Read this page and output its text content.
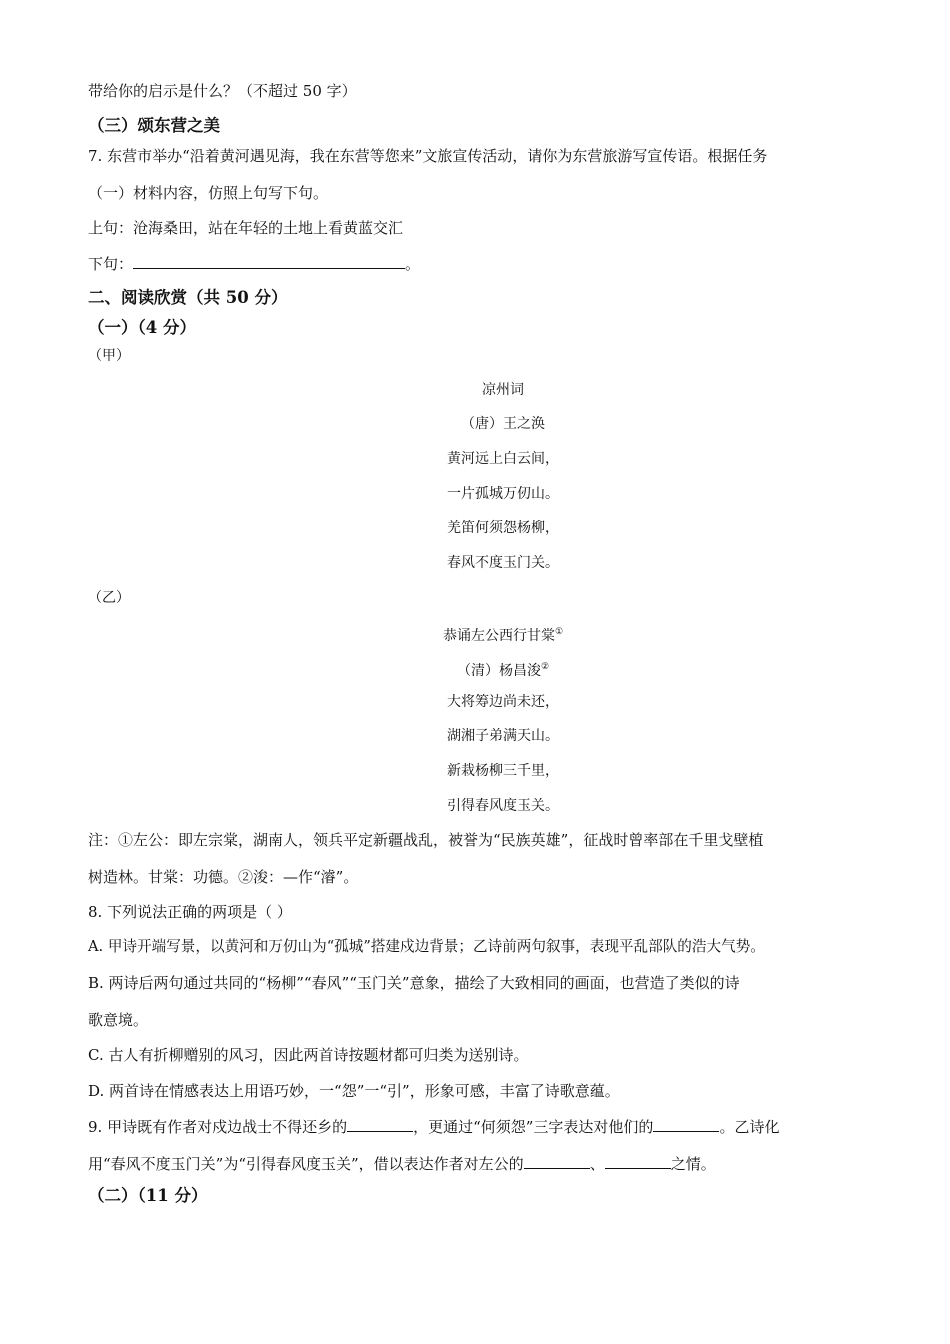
带给你的启示是什么？（不超过 50 字）
（三）颂东营之美
7. 东营市举办“沿着黄河遇见海，我在东营等您来”文旅宣传活动，请你为东营旅游写宣传语。根据任务
（一）材料内容，仿照上句写下句。
上句：沧海桑田，站在年轻的土地上看黄蓝交汇
下句：	。
二、阅读欣赏（共 50 分）
（一）（4 分）
（甲）
凉州词
（唐）王之涣
黄河远上白云间，
一片孤城万仞山。
羌笛何须怨杨柳，
春风不度玉门关。
（乙）
恭诵左公西行甘棠①
（清）杨昌浚②
大将筹边尚未还，
湖湘子弟满天山。
新栽杨柳三千里，
引得春风度玉关。
注：①左公：即左宗棠，湖南人，领兵平定新疆战乱，被誉为“民族英雄”，征战时曾率部在千里戈壁植
树造林。甘棠：功德。②浚：—作“濬”。
8. 下列说法正确的两项是（ ）
A. 甲诗开端写景，以黄河和万仞山为“孤城”搭建戍边背景；乙诗前两句叙事，表现平乱部队的浩大气势。
B. 两诗后两句通过共同的“杨柳”“春风”“玉门关”意象，描绘了大致相同的画面，也营造了类似的诗
歌意境。
C. 古人有折柳赠别的风习，因此两首诗按题材都可归类为送别诗。
D. 两首诗在情感表达上用语巧妙，一“怨”一“引”，形象可感，丰富了诗歌意蕴。
9. 甲诗既有作者对戍边战士不得还乡的	，更通过“何须怨”三字表达对他们的	。乙诗化
用“春风不度玉门关”为“引得春风度玉关”，借以表达作者对左公的	、	之情。
（二）（11 分）
